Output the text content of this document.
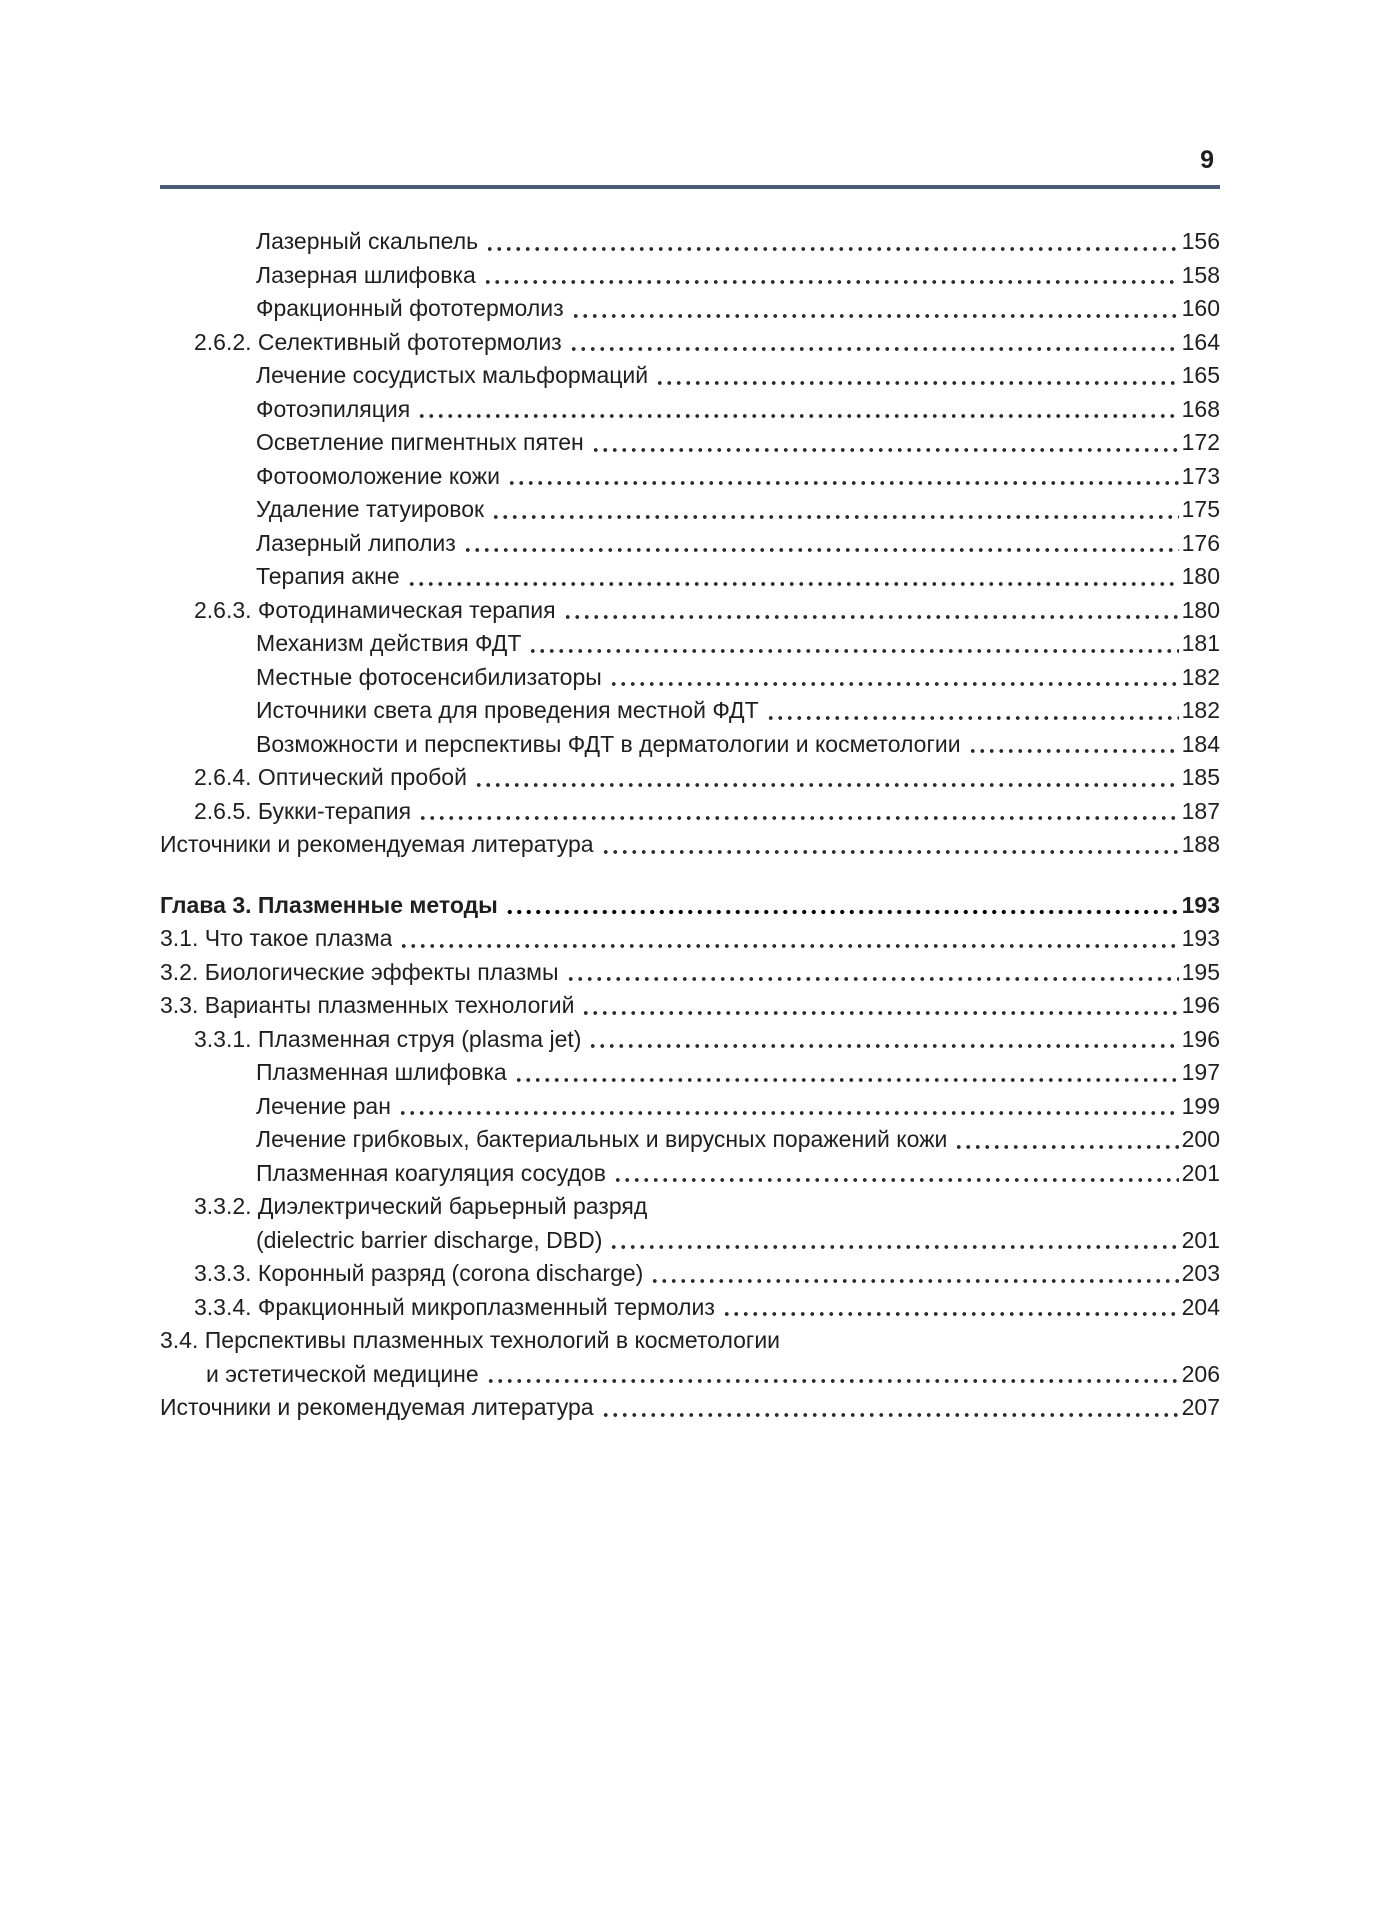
9
Лазерный скальпель	156
Лазерная шлифовка	158
Фракционный фототермолиз	160
2.6.2. Селективный фототермолиз	164
Лечение сосудистых мальформаций	165
Фотоэпиляция	168
Осветление пигментных пятен	172
Фотоомоложение кожи	173
Удаление татуировок	175
Лазерный липолиз	176
Терапия акне	180
2.6.3. Фотодинамическая терапия	180
Механизм действия ФДТ	181
Местные фотосенсибилизаторы	182
Источники света для проведения местной ФДТ	182
Возможности и перспективы ФДТ в дерматологии и косметологии	184
2.6.4. Оптический пробой	185
2.6.5. Букки-терапия	187
Источники и рекомендуемая литература	188
Глава 3. Плазменные методы	193
3.1. Что такое плазма	193
3.2. Биологические эффекты плазмы	195
3.3. Варианты плазменных технологий	196
3.3.1. Плазменная струя (plasma jet)	196
Плазменная шлифовка	197
Лечение ран	199
Лечение грибковых, бактериальных и вирусных поражений кожи	200
Плазменная коагуляция сосудов	201
3.3.2. Диэлектрический барьерный разряд
(dielectric barrier discharge, DBD)	201
3.3.3. Коронный разряд (corona discharge)	203
3.3.4. Фракционный микроплазменный термолиз	204
3.4. Перспективы плазменных технологий в косметологии
и эстетической медицине	206
Источники и рекомендуемая литература	207
